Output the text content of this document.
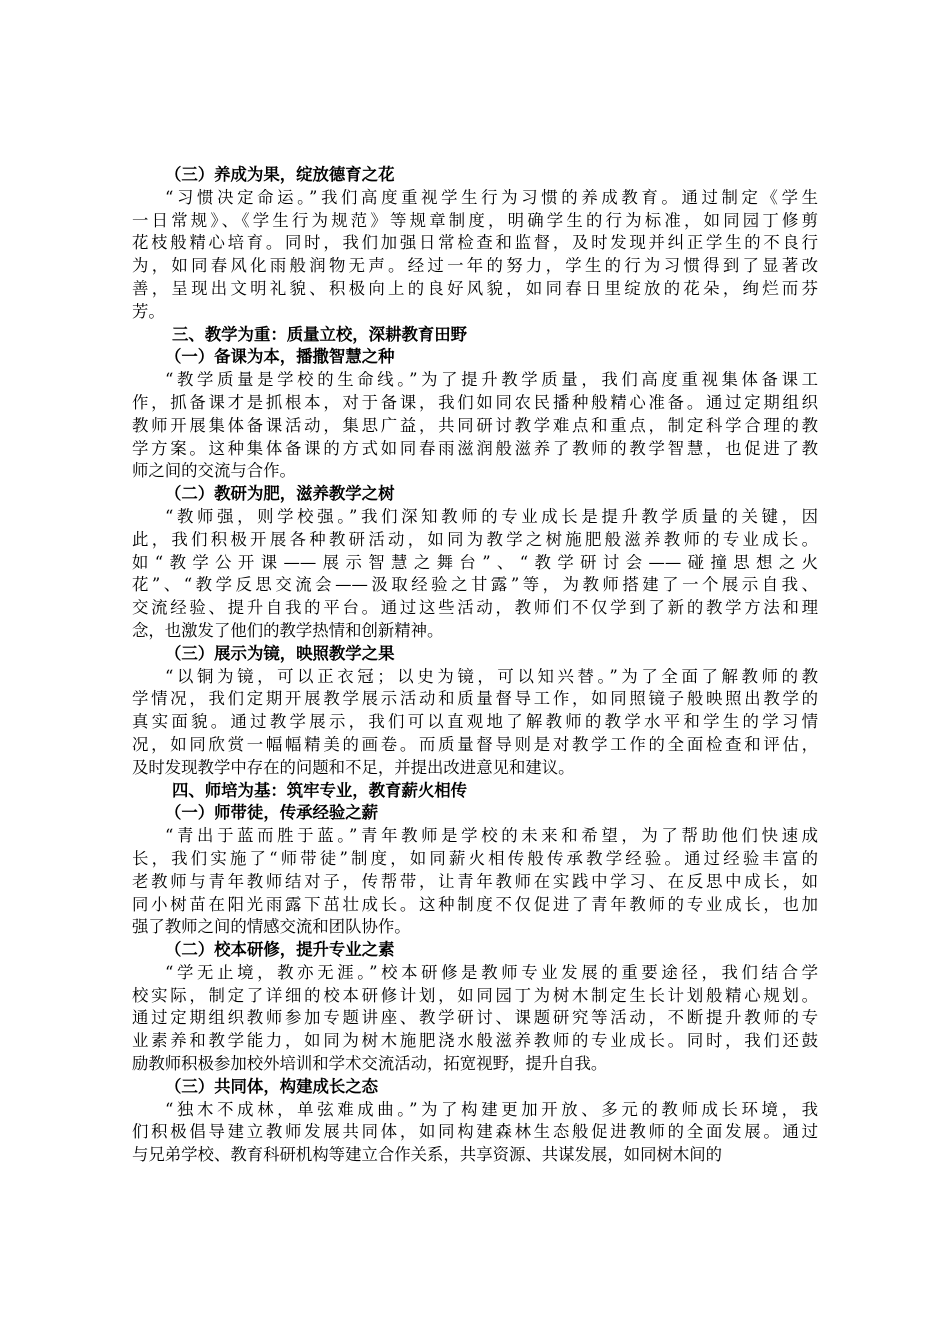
（三）养成为果，绽放德育之花
“习惯决定命运。”我们高度重视学生行为习惯的养成教育。通过制定《学生
一日常规》、《学生行为规范》等规章制度，明确学生的行为标准，如同园丁修剪
花枝般精心培育。同时，我们加强日常检查和监督，及时发现并纠正学生的不良行
为，如同春风化雨般润物无声。经过一年的努力，学生的行为习惯得到了显著改
善，呈现出文明礼貌、积极向上的良好风貌，如同春日里绽放的花朵，绚烂而芬
芳。
三、教学为重：质量立校，深耕教育田野
（一）备课为本，播撒智慧之种
“教学质量是学校的生命线。”为了提升教学质量，我们高度重视集体备课工
作，抓备课才是抓根本，对于备课，我们如同农民播种般精心准备。通过定期组织
教师开展集体备课活动，集思广益，共同研讨教学难点和重点，制定科学合理的教
学方案。这种集体备课的方式如同春雨滋润般滋养了教师的教学智慧，也促进了教
师之间的交流与合作。
（二）教研为肥，滋养教学之树
“教师强，则学校强。”我们深知教师的专业成长是提升教学质量的关键，因
此，我们积极开展各种教研活动，如同为教学之树施肥般滋养教师的专业成长。
如“教学公开课——展示智慧之舞台”、“教学研讨会——碰撞思想之火
花”、“教学反思交流会——汲取经验之甘露”等，为教师搭建了一个展示自我、
交流经验、提升自我的平台。通过这些活动，教师们不仅学到了新的教学方法和理
念，也激发了他们的教学热情和创新精神。
（三）展示为镜，映照教学之果
“以铜为镜，可以正衣冠；以史为镜，可以知兴替。”为了全面了解教师的教
学情况，我们定期开展教学展示活动和质量督导工作，如同照镜子般映照出教学的
真实面貌。通过教学展示，我们可以直观地了解教师的教学水平和学生的学习情
况，如同欣赏一幅幅精美的画卷。而质量督导则是对教学工作的全面检查和评估，
及时发现教学中存在的问题和不足，并提出改进意见和建议。
四、师培为基：筑牢专业，教育薪火相传
（一）师带徒，传承经验之薪
“青出于蓝而胜于蓝。”青年教师是学校的未来和希望，为了帮助他们快速成
长，我们实施了“师带徒”制度，如同薪火相传般传承教学经验。通过经验丰富的
老教师与青年教师结对子，传帮带，让青年教师在实践中学习、在反思中成长，如
同小树苗在阳光雨露下茁壮成长。这种制度不仅促进了青年教师的专业成长，也加
强了教师之间的情感交流和团队协作。
（二）校本研修，提升专业之素
“学无止境，教亦无涯。”校本研修是教师专业发展的重要途径，我们结合学
校实际，制定了详细的校本研修计划，如同园丁为树木制定生长计划般精心规划。
通过定期组织教师参加专题讲座、教学研讨、课题研究等活动，不断提升教师的专
业素养和教学能力，如同为树木施肥浇水般滋养教师的专业成长。同时，我们还鼓
励教师积极参加校外培训和学术交流活动，拓宽视野，提升自我。
（三）共同体，构建成长之态
“独木不成林，单弦难成曲。”为了构建更加开放、多元的教师成长环境，我
们积极倡导建立教师发展共同体，如同构建森林生态般促进教师的全面发展。通过
与兄弟学校、教育科研机构等建立合作关系，共享资源、共谋发展，如同树木间的
